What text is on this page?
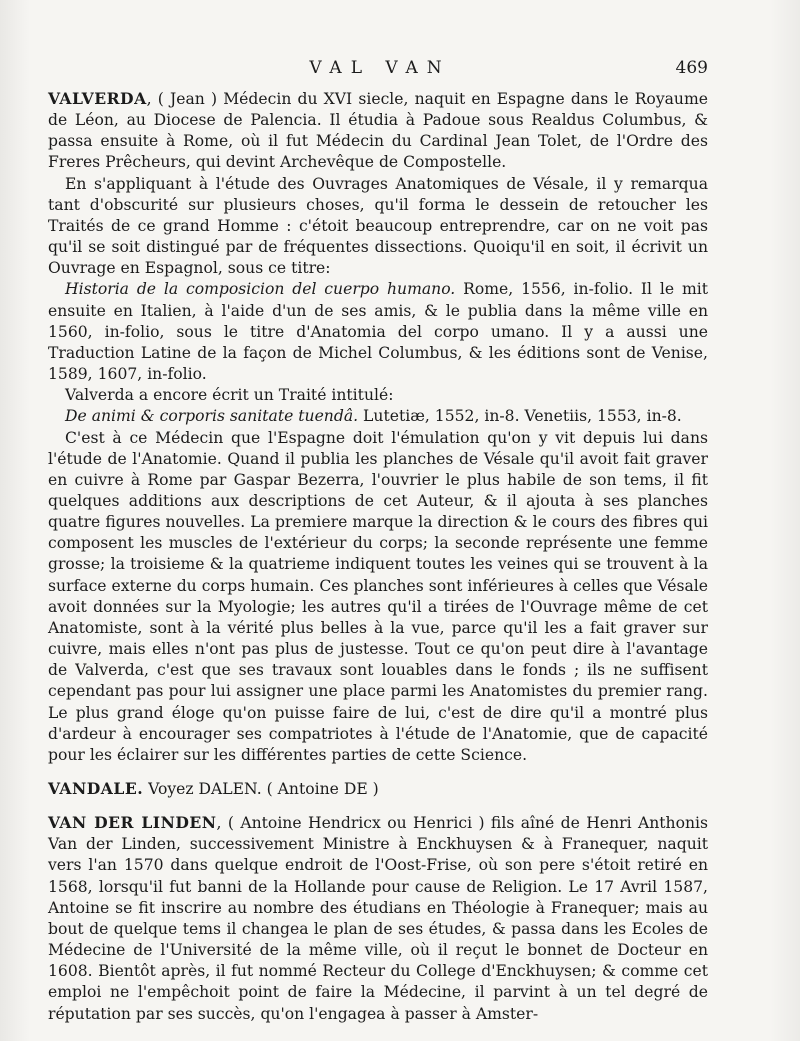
VAL VAN	469

VALVERDA, ( Jean ) Médecin du XVI siecle, naquit en Espagne dans le Royaume de Léon, au Diocese de Palencia. Il étudia à Padoue sous Realdus Columbus, & passa ensuite à Rome, où il fut Médecin du Cardinal Jean Tolet, de l'Ordre des Freres Prêcheurs, qui devint Archevêque de Compostelle.

En s'appliquant à l'étude des Ouvrages Anatomiques de Vésale, il y remarqua tant d'obscurité sur plusieurs choses, qu'il forma le dessein de retoucher les Traités de ce grand Homme : c'étoit beaucoup entreprendre, car on ne voit pas qu'il se soit distingué par de fréquentes dissections. Quoiqu'il en soit, il écrivit un Ouvrage en Espagnol, sous ce titre:

Historia de la composicion del cuerpo humano. Rome, 1556, in-folio. Il le mit ensuite en Italien, à l'aide d'un de ses amis, & le publia dans la même ville en 1560, in-folio, sous le titre d'Anatomia del corpo umano. Il y a aussi une Traduction Latine de la façon de Michel Columbus, & les éditions sont de Venise, 1589, 1607, in-folio.

Valverda a encore écrit un Traité intitulé:

De animi & corporis sanitate tuendâ. Lutetiæ, 1552, in-8. Venetiis, 1553, in-8.

C'est à ce Médecin que l'Espagne doit l'émulation qu'on y vit depuis lui dans l'étude de l'Anatomie. Quand il publia les planches de Vésale qu'il avoit fait graver en cuivre à Rome par Gaspar Bezerra, l'ouvrier le plus habile de son tems, il fit quelques additions aux descriptions de cet Auteur, & il ajouta à ses planches quatre figures nouvelles. La premiere marque la direction & le cours des fibres qui composent les muscles de l'extérieur du corps; la seconde représente une femme grosse; la troisieme & la quatrieme indiquent toutes les veines qui se trouvent à la surface externe du corps humain. Ces planches sont inférieures à celles que Vésale avoit données sur la Myologie; les autres qu'il a tirées de l'Ouvrage même de cet Anatomiste, sont à la vérité plus belles à la vue, parce qu'il les a fait graver sur cuivre, mais elles n'ont pas plus de justesse. Tout ce qu'on peut dire à l'avantage de Valverda, c'est que ses travaux sont louables dans le fonds ; ils ne suffisent cependant pas pour lui assigner une place parmi les Anatomistes du premier rang. Le plus grand éloge qu'on puisse faire de lui, c'est de dire qu'il a montré plus d'ardeur à encourager ses compatriotes à l'étude de l'Anatomie, que de capacité pour les éclairer sur les différentes parties de cette Science.

VANDALE. Voyez DALEN. ( Antoine DE )

VAN DER LINDEN, ( Antoine Hendricx ou Henrici ) fils aîné de Henri Anthonis Van der Linden, successivement Ministre à Enckhuysen & à Franequer, naquit vers l'an 1570 dans quelque endroit de l'Oost-Frise, où son pere s'étoit retiré en 1568, lorsqu'il fut banni de la Hollande pour cause de Religion. Le 17 Avril 1587, Antoine se fit inscrire au nombre des étudians en Théologie à Franequer; mais au bout de quelque tems il changea le plan de ses études, & passa dans les Ecoles de Médecine de l'Université de la même ville, où il reçut le bonnet de Docteur en 1608. Bientôt après, il fut nommé Recteur du College d'Enckhuysen; & comme cet emploi ne l'empêchoit point de faire la Médecine, il parvint à un tel degré de réputation par ses succès, qu'on l'engagea à passer à Amster-
